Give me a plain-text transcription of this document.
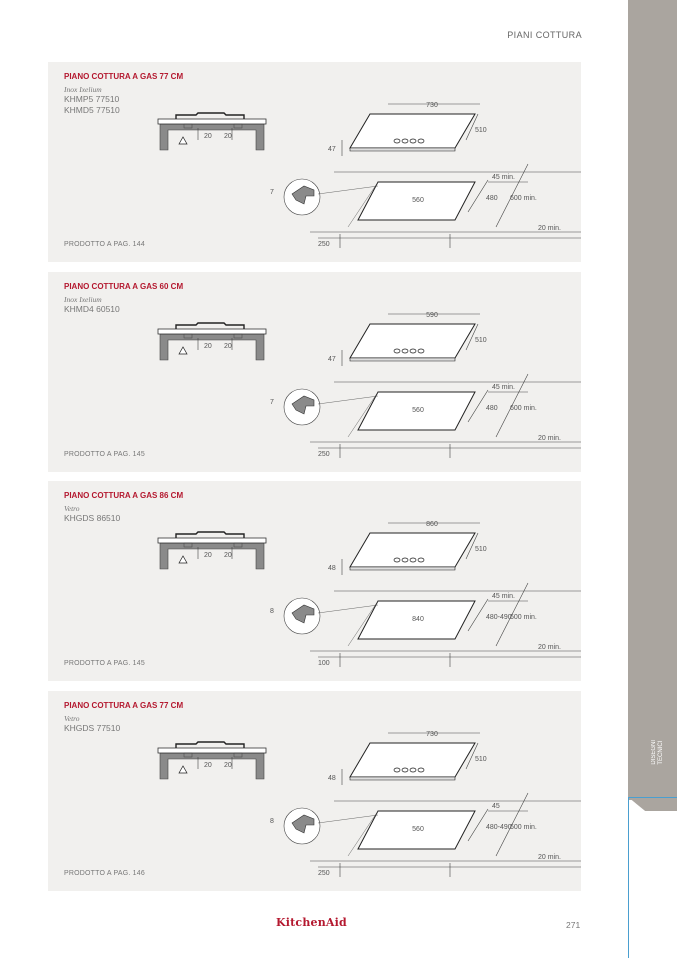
PIANI COTTURA
DISEGNI TECNICI
PIANO COTTURA A GAS 77 CM
Inox Ixelium
KHMP5 77510
KHMD5 77510
PRODOTTO A PAG. 144
20 20
730
510
47
45 min.
480 600 min.
560
20 min.
250
7
PIANO COTTURA A GAS 60 CM
Inox Ixelium
KHMD4 60510
PRODOTTO A PAG. 145
20 20
590
510
47
45 min.
480 600 min.
560
20 min.
250
7
PIANO COTTURA A GAS 86 CM
Vetro
KHGDS 86510
PRODOTTO A PAG. 145
20 20
860
510
48
45 min.
480-490
600 min.
840
20 min.
100
8
PIANO COTTURA A GAS 77 CM
Vetro
KHGDS 77510
PRODOTTO A PAG. 146
20 20
730
510
48
45
480-490
600 min.
560
20 min.
250
8
KitchenAid	271
